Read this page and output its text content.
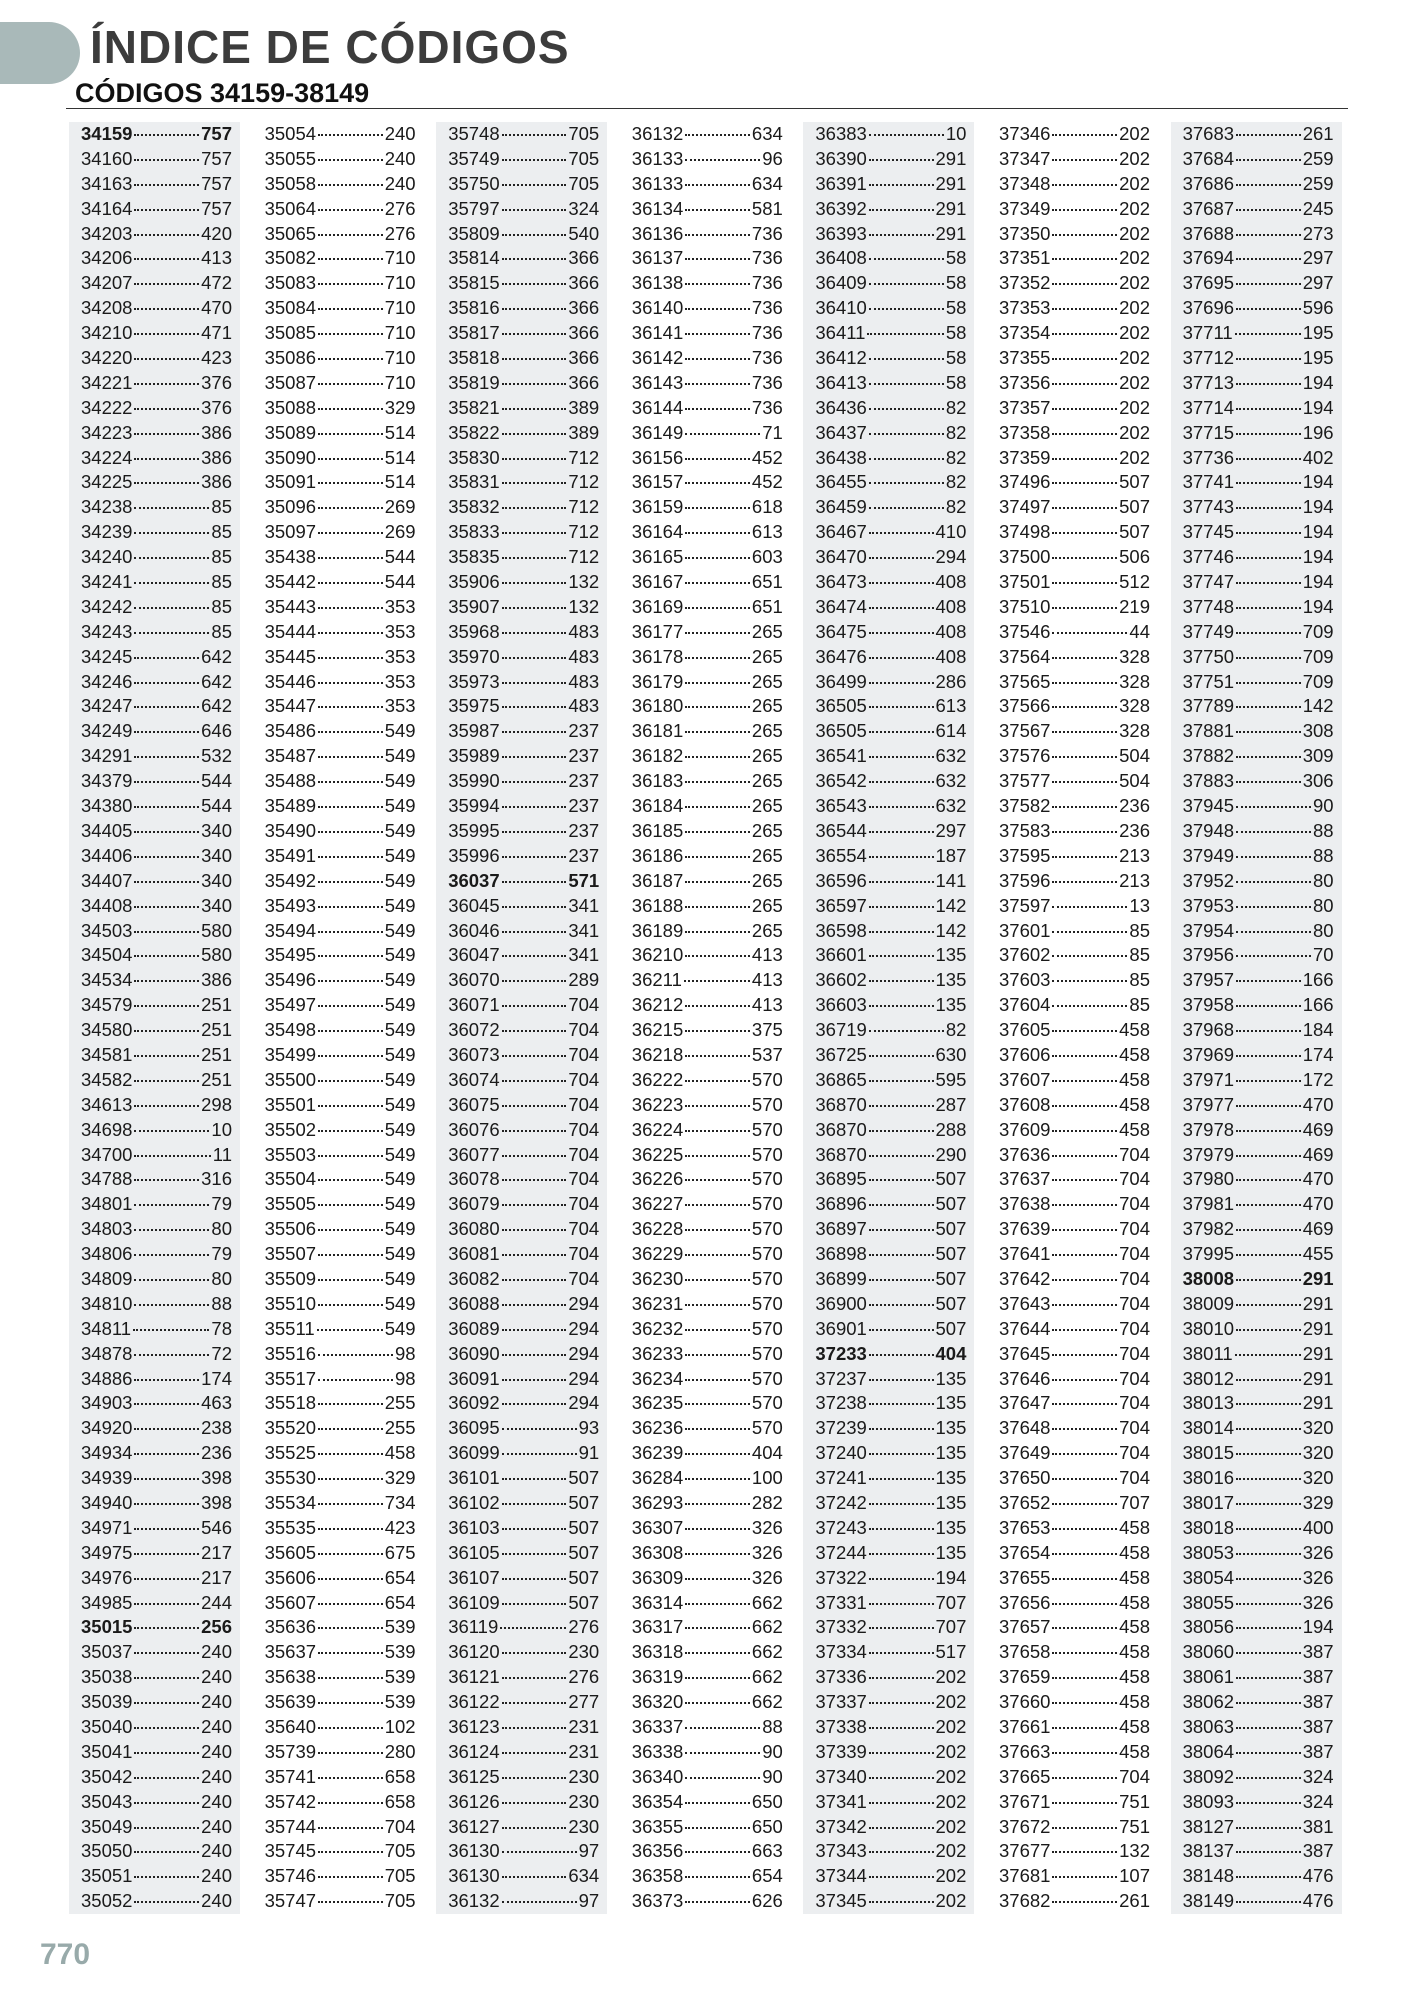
ÍNDICE DE CÓDIGOS
CÓDIGOS 34159-38149
34159	757
34160	757
34163	757
34164	757
34203	420
34206	413
34207	472
34208	470
34210	471
34220	423
34221	376
34222	376
34223	386
34224	386
34225	386
34238	85
34239	85
34240	85
34241	85
34242	85
34243	85
34245	642
34246	642
34247	642
34249	646
34291	532
34379	544
34380	544
34405	340
34406	340
34407	340
34408	340
34503	580
34504	580
34534	386
34579	251
34580	251
34581	251
34582	251
34613	298
34698	10
34700	11
34788	316
34801	79
34803	80
34806	79
34809	80
34810	88
34811	78
34878	72
34886	174
34903	463
34920	238
34934	236
34939	398
34940	398
34971	546
34975	217
34976	217
34985	244
35015	256
35037	240
35038	240
35039	240
35040	240
35041	240
35042	240
35043	240
35049	240
35050	240
35051	240
35052	240
35054	240
35055	240
35058	240
35064	276
35065	276
35082	710
35083	710
35084	710
35085	710
35086	710
35087	710
35088	329
35089	514
35090	514
35091	514
35096	269
35097	269
35438	544
35442	544
35443	353
35444	353
35445	353
35446	353
35447	353
35486	549
35487	549
35488	549
35489	549
35490	549
35491	549
35492	549
35493	549
35494	549
35495	549
35496	549
35497	549
35498	549
35499	549
35500	549
35501	549
35502	549
35503	549
35504	549
35505	549
35506	549
35507	549
35509	549
35510	549
35511	549
35516	98
35517	98
35518	255
35520	255
35525	458
35530	329
35534	734
35535	423
35605	675
35606	654
35607	654
35636	539
35637	539
35638	539
35639	539
35640	102
35739	280
35741	658
35742	658
35744	704
35745	705
35746	705
35747	705
35748	705
35749	705
35750	705
35797	324
35809	540
35814	366
35815	366
35816	366
35817	366
35818	366
35819	366
35821	389
35822	389
35830	712
35831	712
35832	712
35833	712
35835	712
35906	132
35907	132
35968	483
35970	483
35973	483
35975	483
35987	237
35989	237
35990	237
35994	237
35995	237
35996	237
36037	571
36045	341
36046	341
36047	341
36070	289
36071	704
36072	704
36073	704
36074	704
36075	704
36076	704
36077	704
36078	704
36079	704
36080	704
36081	704
36082	704
36088	294
36089	294
36090	294
36091	294
36092	294
36095	93
36099	91
36101	507
36102	507
36103	507
36105	507
36107	507
36109	507
36119	276
36120	230
36121	276
36122	277
36123	231
36124	231
36125	230
36126	230
36127	230
36130	97
36130	634
36132	97
36132	634
36133	96
36133	634
36134	581
36136	736
36137	736
36138	736
36140	736
36141	736
36142	736
36143	736
36144	736
36149	71
36156	452
36157	452
36159	618
36164	613
36165	603
36167	651
36169	651
36177	265
36178	265
36179	265
36180	265
36181	265
36182	265
36183	265
36184	265
36185	265
36186	265
36187	265
36188	265
36189	265
36210	413
36211	413
36212	413
36215	375
36218	537
36222	570
36223	570
36224	570
36225	570
36226	570
36227	570
36228	570
36229	570
36230	570
36231	570
36232	570
36233	570
36234	570
36235	570
36236	570
36239	404
36284	100
36293	282
36307	326
36308	326
36309	326
36314	662
36317	662
36318	662
36319	662
36320	662
36337	88
36338	90
36340	90
36354	650
36355	650
36356	663
36358	654
36373	626
36383	10
36390	291
36391	291
36392	291
36393	291
36408	58
36409	58
36410	58
36411	58
36412	58
36413	58
36436	82
36437	82
36438	82
36455	82
36459	82
36467	410
36470	294
36473	408
36474	408
36475	408
36476	408
36499	286
36505	613
36505	614
36541	632
36542	632
36543	632
36544	297
36554	187
36596	141
36597	142
36598	142
36601	135
36602	135
36603	135
36719	82
36725	630
36865	595
36870	287
36870	288
36870	290
36895	507
36896	507
36897	507
36898	507
36899	507
36900	507
36901	507
37233	404
37237	135
37238	135
37239	135
37240	135
37241	135
37242	135
37243	135
37244	135
37322	194
37331	707
37332	707
37334	517
37336	202
37337	202
37338	202
37339	202
37340	202
37341	202
37342	202
37343	202
37344	202
37345	202
37346	202
37347	202
37348	202
37349	202
37350	202
37351	202
37352	202
37353	202
37354	202
37355	202
37356	202
37357	202
37358	202
37359	202
37496	507
37497	507
37498	507
37500	506
37501	512
37510	219
37546	44
37564	328
37565	328
37566	328
37567	328
37576	504
37577	504
37582	236
37583	236
37595	213
37596	213
37597	13
37601	85
37602	85
37603	85
37604	85
37605	458
37606	458
37607	458
37608	458
37609	458
37636	704
37637	704
37638	704
37639	704
37641	704
37642	704
37643	704
37644	704
37645	704
37646	704
37647	704
37648	704
37649	704
37650	704
37652	707
37653	458
37654	458
37655	458
37656	458
37657	458
37658	458
37659	458
37660	458
37661	458
37663	458
37665	704
37671	751
37672	751
37677	132
37681	107
37682	261
37683	261
37684	259
37686	259
37687	245
37688	273
37694	297
37695	297
37696	596
37711	195
37712	195
37713	194
37714	194
37715	196
37736	402
37741	194
37743	194
37745	194
37746	194
37747	194
37748	194
37749	709
37750	709
37751	709
37789	142
37881	308
37882	309
37883	306
37945	90
37948	88
37949	88
37952	80
37953	80
37954	80
37956	70
37957	166
37958	166
37968	184
37969	174
37971	172
37977	470
37978	469
37979	469
37980	470
37981	470
37982	469
37995	455
38008	291
38009	291
38010	291
38011	291
38012	291
38013	291
38014	320
38015	320
38016	320
38017	329
38018	400
38053	326
38054	326
38055	326
38056	194
38060	387
38061	387
38062	387
38063	387
38064	387
38092	324
38093	324
38127	381
38137	387
38148	476
38149	476
770
